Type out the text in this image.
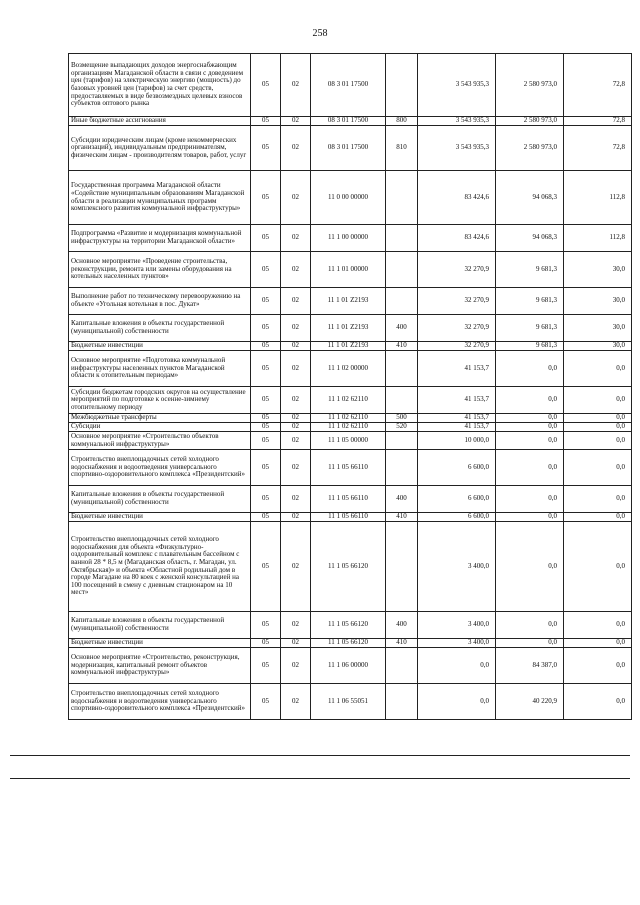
258
Возмещение выпадающих доходов энергоснабжающим организациям Магаданской области в связи с доведением цен (тарифов) на электрическую энергию (мощность) до базовых уровней цен (тарифов) за счет средств, предоставляемых в виде безвозмездных целевых взносов субъектов оптового рынка	05	02	08 3 01 17500		3 543 935,3	2 580 973,0	72,8
Иные бюджетные ассигнования	05	02	08 3 01 17500	800	3 543 935,3	2 580 973,0	72,8
Субсидии юридическим лицам (кроме некоммерческих организаций), индивидуальным предпринимателям, физическим лицам - производителям товаров, работ, услуг	05	02	08 3 01 17500	810	3 543 935,3	2 580 973,0	72,8
Государственная программа Магаданской области «Содействие муниципальным образованиям Магаданской области в реализации муниципальных программ комплексного развития коммунальной инфраструктуры»	05	02	11 0 00 00000		83 424,6	94 068,3	112,8
Подпрограмма «Развитие и модернизация коммунальной инфраструктуры на территории Магаданской области»	05	02	11 1 00 00000		83 424,6	94 068,3	112,8
Основное мероприятие «Проведение строительства, реконструкции, ремонта или замены оборудования на котельных населенных пунктов»	05	02	11 1 01 00000		32 270,9	9 681,3	30,0
Выполнение работ по техническому перевооружению на объекте «Угольная котельная в пос. Дукат»	05	02	11 1 01 Z2193		32 270,9	9 681,3	30,0
Капитальные вложения в объекты государственной (муниципальной) собственности	05	02	11 1 01 Z2193	400	32 270,9	9 681,3	30,0
Бюджетные инвестиции	05	02	11 1 01 Z2193	410	32 270,9	9 681,3	30,0
Основное мероприятие «Подготовка коммунальной инфраструктуры населенных пунктов Магаданской области к отопительным периодам»	05	02	11 1 02 00000		41 153,7	0,0	0,0
Субсидии бюджетам городских округов на осуществление мероприятий по подготовке к осенне-зимнему отопительному периоду	05	02	11 1 02 62110		41 153,7	0,0	0,0
Межбюджетные трансферты	05	02	11 1 02 62110	500	41 153,7	0,0	0,0
Субсидии	05	02	11 1 02 62110	520	41 153,7	0,0	0,0
Основное мероприятие «Строительство объектов коммунальной инфраструктуры»	05	02	11 1 05 00000		10 000,0	0,0	0,0
Строительство внеплощадочных сетей холодного водоснабжения и водоотведения универсального спортивно-оздоровительного комплекса «Президентский»	05	02	11 1 05 66110		6 600,0	0,0	0,0
Капитальные вложения в объекты государственной (муниципальной) собственности	05	02	11 1 05 66110	400	6 600,0	0,0	0,0
Бюджетные инвестиции	05	02	11 1 05 66110	410	6 600,0	0,0	0,0
Строительство внеплощадочных сетей холодного водоснабжения для объекта «Физкультурно-оздоровительный комплекс с плавательным бассейном с ванной 28 * 8,5 м (Магаданская область, г. Магадан, ул. Октябрьская)» и объекта «Областной родильный дом в городе Магадане на 80 коек с женской консультацией на 100 посещений в смену с дневным стационаром на 10 мест»	05	02	11 1 05 66120		3 400,0	0,0	0,0
Капитальные вложения в объекты государственной (муниципальной) собственности	05	02	11 1 05 66120	400	3 400,0	0,0	0,0
Бюджетные инвестиции	05	02	11 1 05 66120	410	3 400,0	0,0	0,0
Основное мероприятие «Строительство, реконструкция, модернизация, капитальный ремонт объектов коммунальной инфраструктуры»	05	02	11 1 06 00000		0,0	84 387,0	0,0
Строительство внеплощадочных сетей холодного водоснабжения и водоотведения универсального спортивно-оздоровительного комплекса «Президентский»	05	02	11 1 06 55051		0,0	40 220,9	0,0
